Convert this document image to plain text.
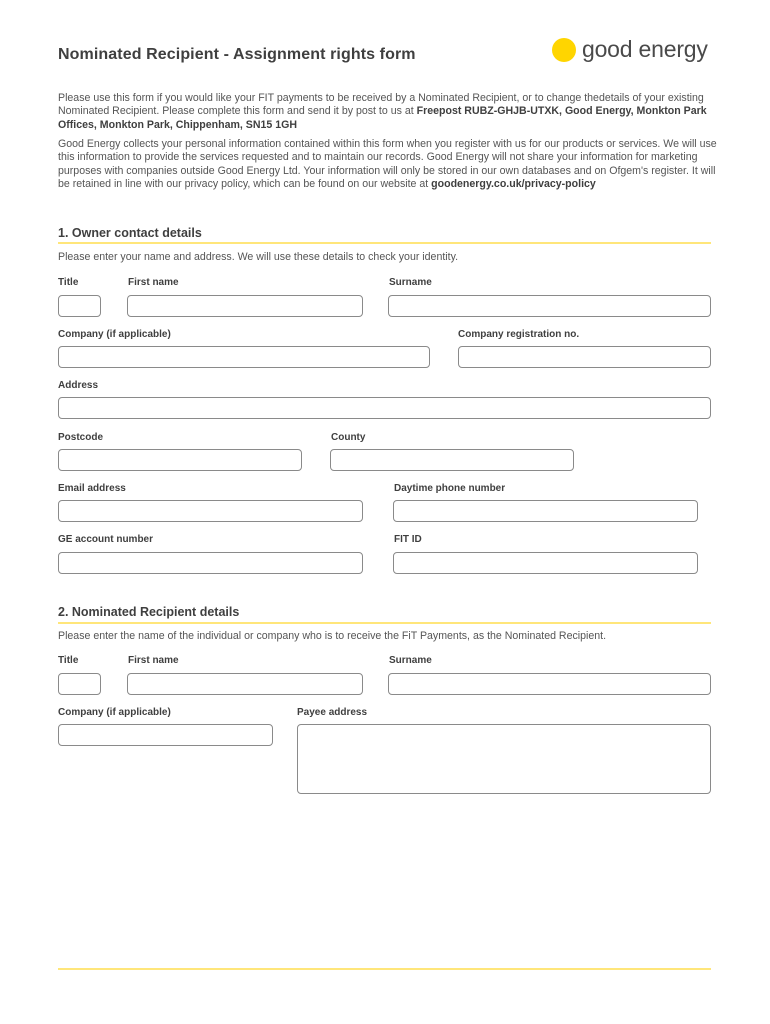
Nominated Recipient - Assignment rights form	good energy
Please use this form if you would like your FIT payments to be received by a Nominated Recipient, or to change thedetails of your existing Nominated Recipient. Please complete this form and send it by post to us at Freepost RUBZ-GHJB-UTXK, Good Energy, Monkton Park Offices, Monkton Park, Chippenham, SN15 1GH
Good Energy collects your personal information contained within this form when you register with us for our products or services. We will use this information to provide the services requested and to maintain our records. Good Energy will not share your information for marketing purposes with companies outside Good Energy Ltd. Your information will only be stored in our own databases and on Ofgem's register. It will be retained in line with our privacy policy, which can be found on our website at goodenergy.co.uk/privacy-policy
1. Owner contact details
Please enter your name and address. We will use these details to check your identity.
Title	First name	Surname
Company (if applicable)	Company registration no.
Address
Postcode	County
Email address	Daytime phone number
GE account number	FIT ID
2. Nominated Recipient details
Please enter the name of the individual or company who is to receive the FiT Payments, as the Nominated Recipient.
Title	First name	Surname
Company (if applicable)	Payee address
